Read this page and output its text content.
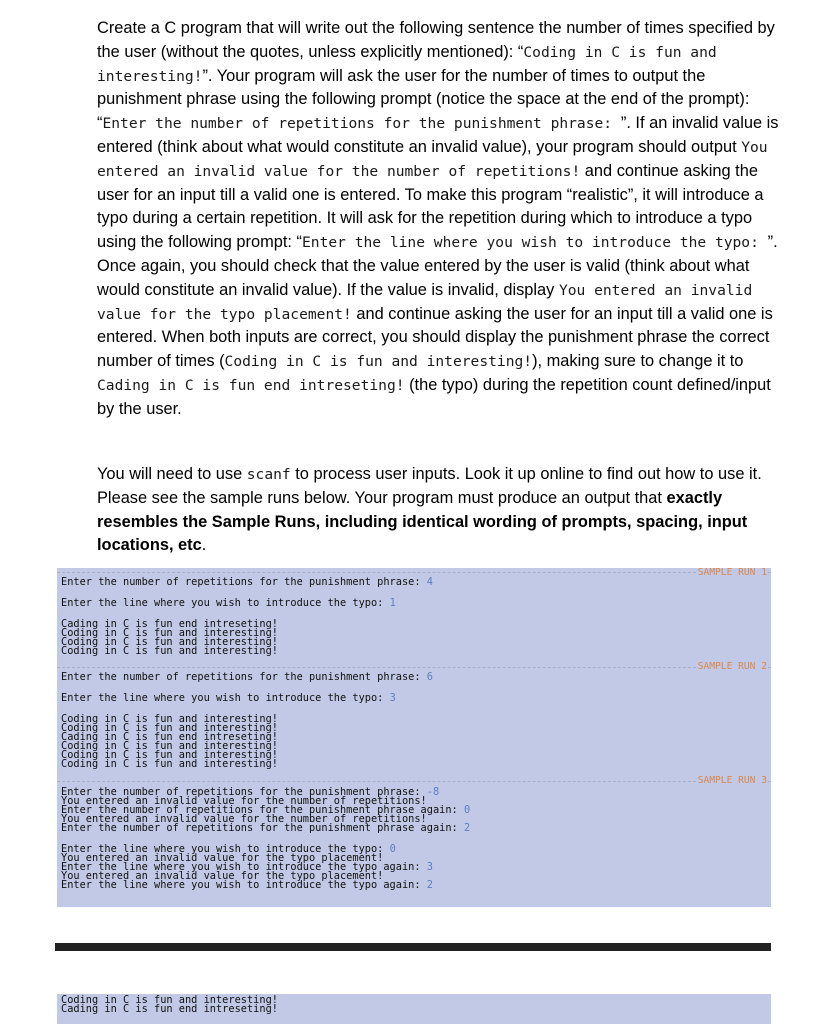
Create a C program that will write out the following sentence the number of times specified by the user (without the quotes, unless explicitly mentioned): “Coding in C is fun and interesting!”. Your program will ask the user for the number of times to output the punishment phrase using the following prompt (notice the space at the end of the prompt): “Enter the number of repetitions for the punishment phrase: ”. If an invalid value is entered (think about what would constitute an invalid value), your program should output You entered an invalid value for the number of repetitions! and continue asking the user for an input till a valid one is entered. To make this program “realistic”, it will introduce a typo during a certain repetition. It will ask for the repetition during which to introduce a typo using the following prompt: “Enter the line where you wish to introduce the typo: ”. Once again, you should check that the value entered by the user is valid (think about what would constitute an invalid value). If the value is invalid, display You entered an invalid value for the typo placement! and continue asking the user for an input till a valid one is entered. When both inputs are correct, you should display the punishment phrase the correct number of times (Coding in C is fun and interesting!), making sure to change it to Cading in C is fun end intreseting! (the typo) during the repetition count defined/input by the user.
You will need to use scanf to process user inputs. Look it up online to find out how to use it. Please see the sample runs below. Your program must produce an output that exactly resembles the Sample Runs, including identical wording of prompts, spacing, input locations, etc.
SAMPLE RUN 1
Enter the number of repetitions for the punishment phrase: 4
Enter the line where you wish to introduce the typo: 1
Cading in C is fun end intreseting!
Coding in C is fun and interesting!
Coding in C is fun and interesting!
Coding in C is fun and interesting!
SAMPLE RUN 2
Enter the number of repetitions for the punishment phrase: 6
Enter the line where you wish to introduce the typo: 3
Coding in C is fun and interesting!
Coding in C is fun and interesting!
Cading in C is fun end intreseting!
Coding in C is fun and interesting!
Coding in C is fun and interesting!
Coding in C is fun and interesting!
SAMPLE RUN 3
Enter the number of repetitions for the punishment phrase: -8
You entered an invalid value for the number of repetitions!
Enter the number of repetitions for the punishment phrase again: 0
You entered an invalid value for the number of repetitions!
Enter the number of repetitions for the punishment phrase again: 2
Enter the line where you wish to introduce the typo: 0
You entered an invalid value for the typo placement!
Enter the line where you wish to introduce the typo again: 3
You entered an invalid value for the typo placement!
Enter the line where you wish to introduce the typo again: 2
Coding in C is fun and interesting!
Cading in C is fun end intreseting!
